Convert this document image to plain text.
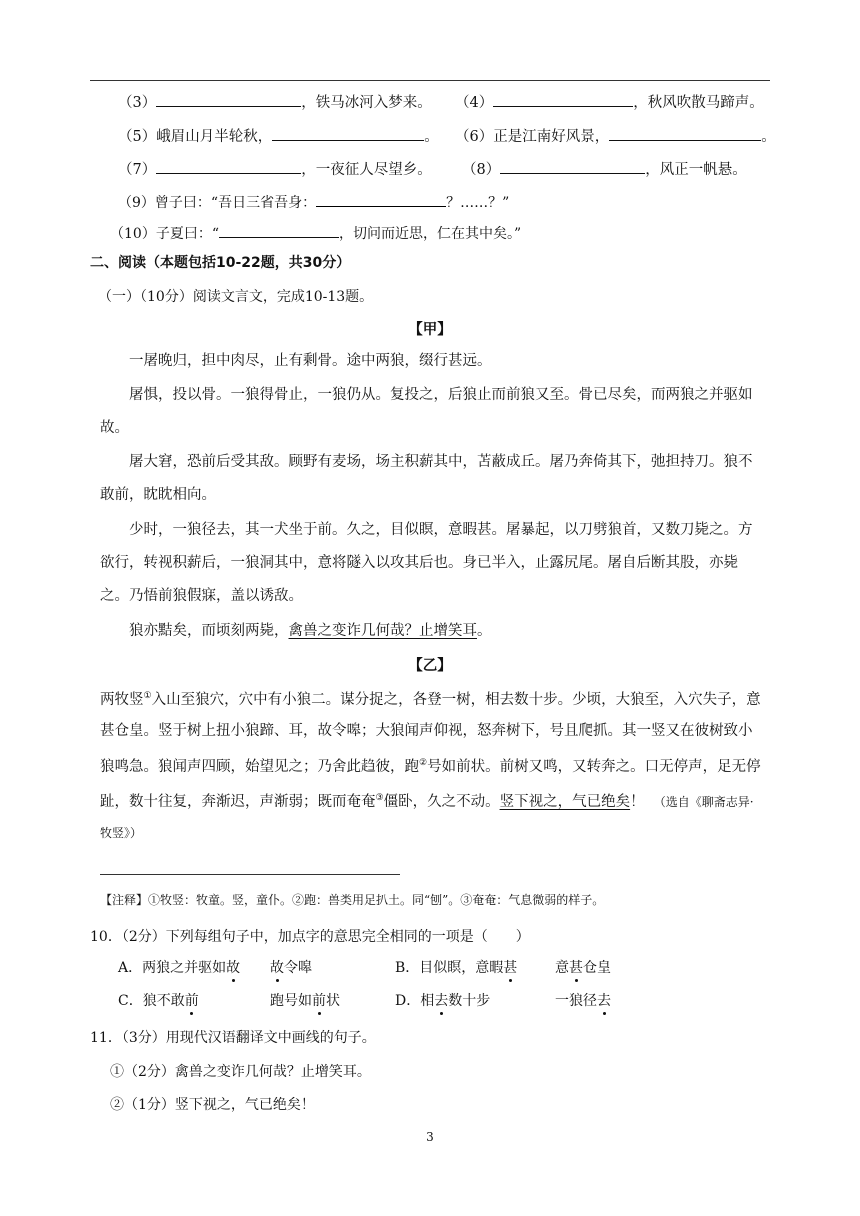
（3）	，铁马冰河入梦来。 （4）	，秋风吹散马蹄声。
（5）峨眉山月半轮秋，	。 （6）正是江南好风景，	。
（7）	，一夜征人尽望乡。 （8）	，风正一帆悬。
（9）曾子曰：“吾日三省吾身：	？……？”
（10）子夏曰：“	，切问而近思，仁在其中矣。”
二、阅读（本题包括10-22题，共30分）
（一）（10分）阅读文言文，完成10-13题。
【甲】
一屠晚归，担中肉尽，止有剩骨。途中两狼，缀行甚远。
屠惧，投以骨。一狼得骨止，一狼仍从。复投之，后狼止而前狼又至。骨已尽矣，而两狼之并驱如故。
屠大窘，恐前后受其敌。顾野有麦场，场主积薪其中，苫蔽成丘。屠乃奔倚其下，弛担持刀。狼不敢前，眈眈相向。
少时，一狼径去，其一犬坐于前。久之，目似瞑，意暇甚。屠暴起，以刀劈狼首，又数刀毙之。方欲行，转视积薪后，一狼洞其中，意将隧入以攻其后也。身已半入，止露尻尾。屠自后断其股，亦毙之。乃悟前狼假寐，盖以诱敌。
狼亦黠矣，而顷刻两毙，禽兽之变诈几何哉？止增笑耳。
【乙】
两牧竖①入山至狼穴，穴中有小狼二。谋分捉之，各登一树，相去数十步。少顷，大狼至，入穴失子，意甚仓皇。竖于树上扭小狼蹄、耳，故令嗥；大狼闻声仰视，怒奔树下，号且爬抓。其一竖又在彼树致小狼鸣急。狼闻声四顾，始望见之；乃舍此趋彼，跑②号如前状。前树又鸣，又转奔之。口无停声，足无停趾，数十往复，奔渐迟，声渐弱；既而奄奄③僵卧，久之不动。竖下视之，气已绝矣！ （选自《聊斋志异·牧竖》）
【注释】①牧竖：牧童。竖，童仆。②跑：兽类用足扒土。同“刨”。③奄奄：气息微弱的样子。
10．（2分）下列每组句子中，加点字的意思完全相同的一项是（　　）
A．两狼之并驱如故 故令嗥	B．目似瞑，意暇甚	意甚仓皇
C．狼不敢前	跑号如前状	D．相去数十步	一狼径去
11．（3分）用现代汉语翻译文中画线的句子。
①（2分）禽兽之变诈几何哉？止增笑耳。
②（1分）竖下视之，气已绝矣！
3
